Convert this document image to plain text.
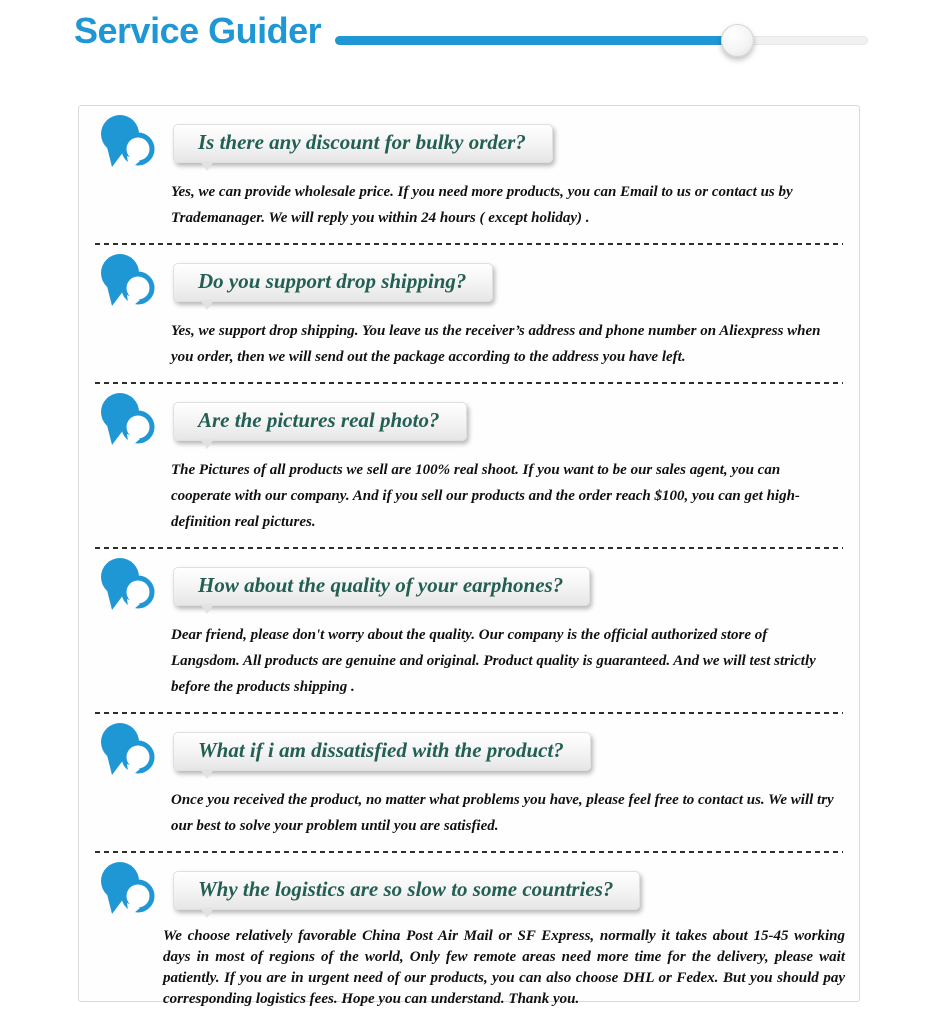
Service Guider
Is there any discount for bulky order?

Yes, we can provide wholesale price. If you need more products, you can Email to us or contact us by Trademanager. We will reply you within 24 hours ( except holiday) .

Do you support drop shipping?

Yes, we support drop shipping. You leave us the receiver’s address and phone number on Aliexpress when you order, then we will send out the package according to the address you have left.

Are the pictures real photo?

The Pictures of all products we sell are 100% real shoot. If you want to be our sales agent, you can cooperate with our company. And if you sell our products and the order reach $100, you can get high-definition real pictures.

How about the quality of your earphones?

Dear friend, please don't worry about the quality. Our company is the official authorized store of Langsdom. All products are genuine and original. Product quality is guaranteed. And we will test strictly before the products shipping .

What if i am dissatisfied with the product?

Once you received the product, no matter what problems you have, please feel free to contact us. We will try our best to solve your problem until you are satisfied.

Why the logistics are so slow to some countries?

We choose relatively favorable China Post Air Mail or SF Express, normally it takes about 15-45 working days in most of regions of the world, Only few remote areas need more time for the delivery, please wait patiently. If you are in urgent need of our products, you can also choose DHL or Fedex. But you should pay corresponding logistics fees. Hope you can understand. Thank you.
